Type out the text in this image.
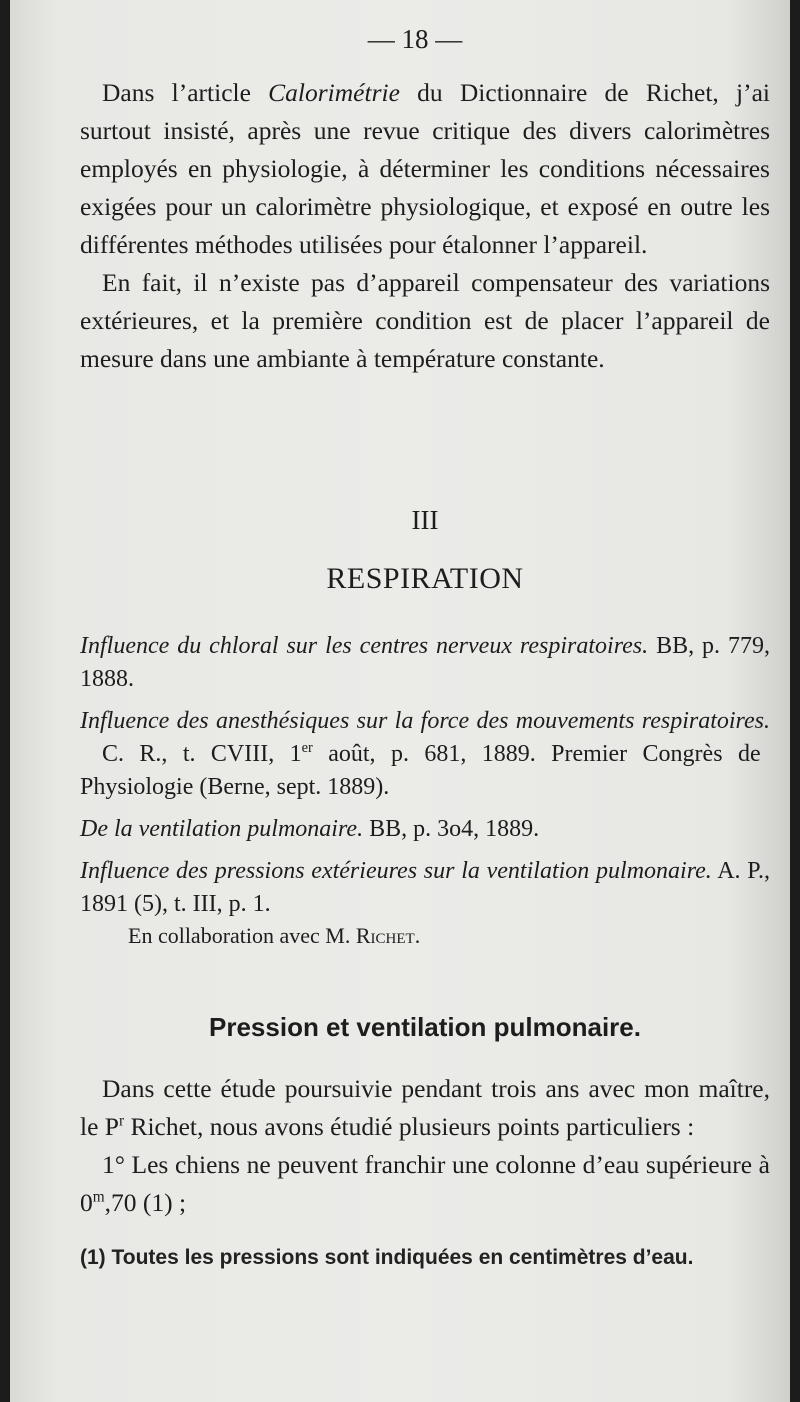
— 18 —

Dans l’article Calorimétrie du Dictionnaire de Richet, j’ai surtout insisté, après une revue critique des divers calorimètres employés en physiologie, à déterminer les conditions nécessaires exigées pour un calorimètre physiologique, et exposé en outre les différentes méthodes utilisées pour étalonner l’appareil.

En fait, il n’existe pas d’appareil compensateur des variations extérieures, et la première condition est de placer l’appareil de mesure dans une ambiante à température constante.

III
RESPIRATION

Influence du chloral sur les centres nerveux respiratoires. BB, p. 779, 1888.

Influence des anesthésiques sur la force des mouvements respiratoires. C. R., t. CVIII, 1er août, p. 681, 1889. Premier Congrès de Physiologie (Berne, sept. 1889).

De la ventilation pulmonaire. BB, p. 3o4, 1889.

Influence des pressions extérieures sur la ventilation pulmonaire. A. P., 1891 (5), t. III, p. 1.

En collaboration avec M. Richet.

Pression et ventilation pulmonaire.

Dans cette étude poursuivie pendant trois ans avec mon maître, le $P^r$ Richet, nous avons étudié plusieurs points particuliers :

1° Les chiens ne peuvent franchir une colonne d’eau supérieure à 0$^m$,70 (1) ;

(1) Toutes les pressions sont indiquées en centimètres d’eau.
